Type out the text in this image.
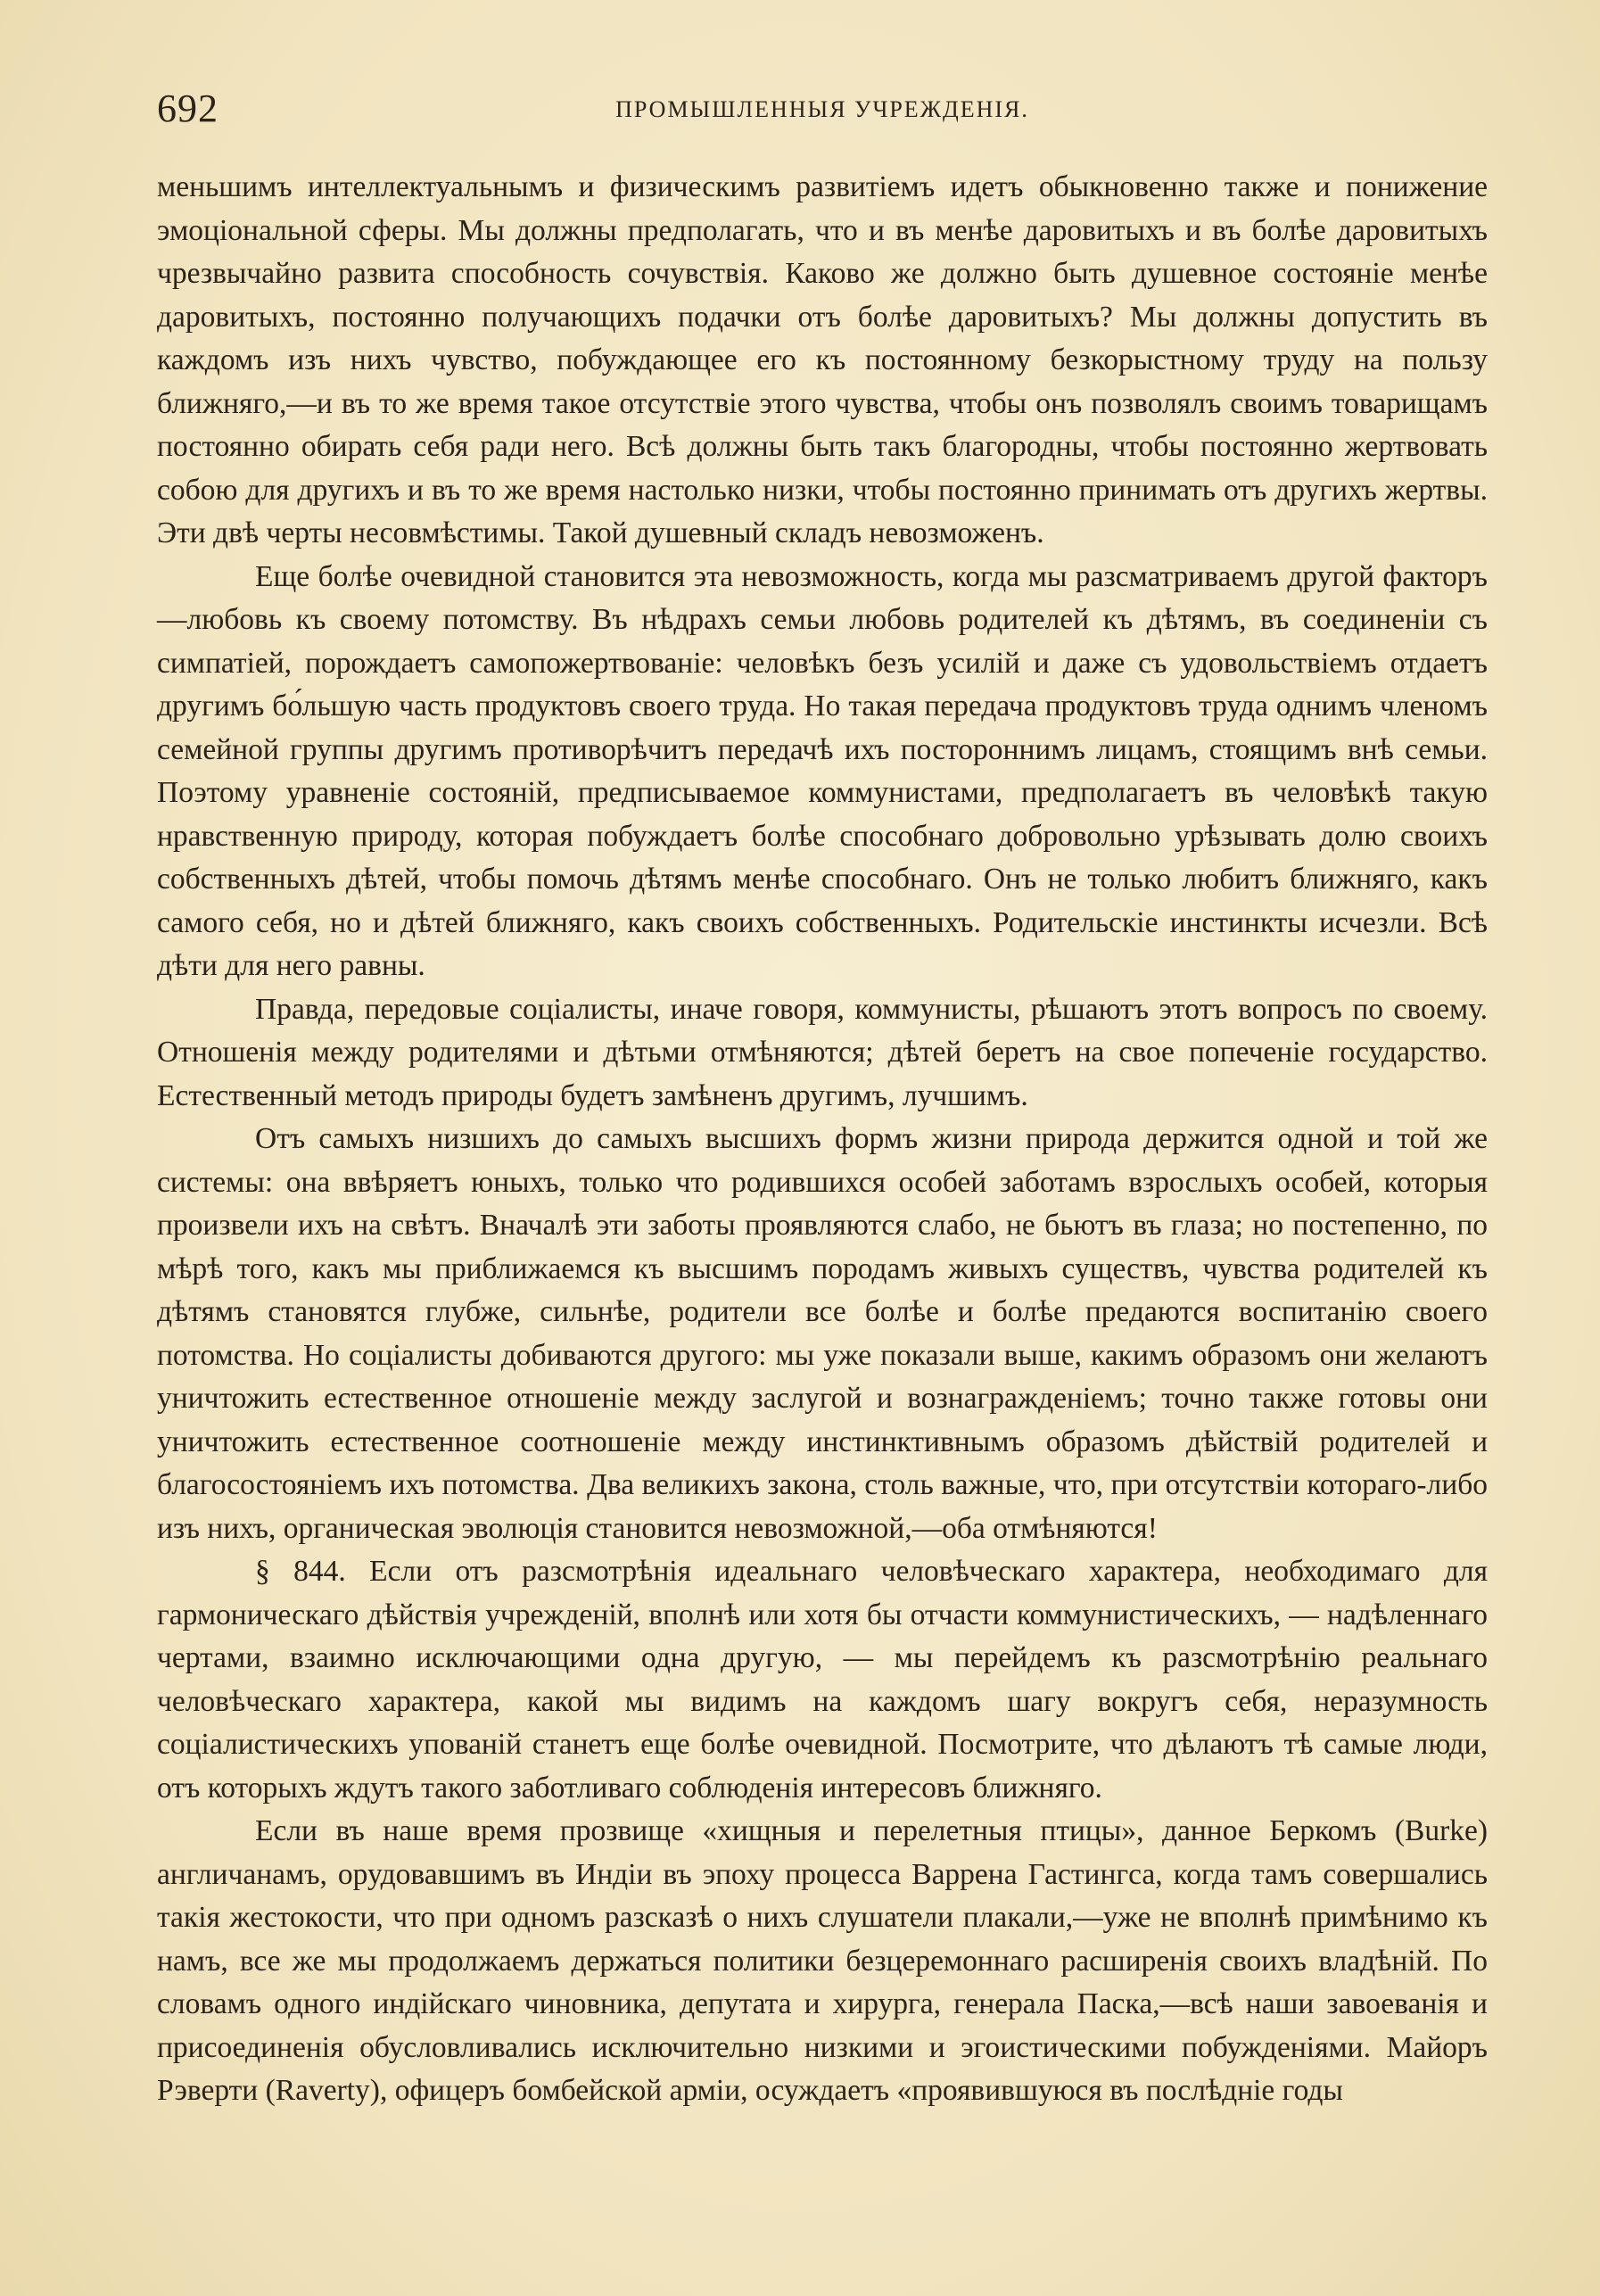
692	ПРОМЫШЛЕННЫЯ УЧРЕЖДЕНІЯ.

меньшимъ интеллектуальнымъ и физическимъ развитіемъ идетъ обыкновенно также и понижение эмоціональной сферы. Мы должны предполагать, что и въ менѣе даровитыхъ и въ болѣе даровитыхъ чрезвычайно развита способность сочувствія. Каково же должно быть душевное состояніе менѣе даровитыхъ, постоянно получающихъ подачки отъ болѣе даровитыхъ? Мы должны допустить въ каждомъ изъ нихъ чувство, побуждающее его къ постоянному безкорыстному труду на пользу ближняго,—и въ то же время такое отсутствіе этого чувства, чтобы онъ позволялъ своимъ товарищамъ постоянно обирать себя ради него. Всѣ должны быть такъ благородны, чтобы постоянно жертвовать собою для другихъ и въ то же время настолько низки, чтобы постоянно принимать отъ другихъ жертвы. Эти двѣ черты несовмѣстимы. Такой душевный складъ невозможенъ.

Еще болѣе очевидной становится эта невозможность, когда мы разсматриваемъ другой факторъ—любовь къ своему потомству. Въ нѣдрахъ семьи любовь родителей къ дѣтямъ, въ соединеніи съ симпатіей, порождаетъ самопожертвованіе: человѣкъ безъ усилій и даже съ удовольствіемъ отдаетъ другимъ бо́льшую часть продуктовъ своего труда. Но такая передача продуктовъ труда однимъ членомъ семейной группы другимъ противорѣчитъ передачѣ ихъ постороннимъ лицамъ, стоящимъ внѣ семьи. Поэтому уравненіе состояній, предписываемое коммунистами, предполагаетъ въ человѣкѣ такую нравственную природу, которая побуждаетъ болѣе способнаго добровольно урѣзывать долю своихъ собственныхъ дѣтей, чтобы помочь дѣтямъ менѣе способнаго. Онъ не только любитъ ближняго, какъ самого себя, но и дѣтей ближняго, какъ своихъ собственныхъ. Родительскіе инстинкты исчезли. Всѣ дѣти для него равны.

Правда, передовые соціалисты, иначе говоря, коммунисты, рѣшаютъ этотъ вопросъ по своему. Отношенія между родителями и дѣтьми отмѣняются; дѣтей беретъ на свое попеченіе государство. Естественный методъ природы будетъ замѣненъ другимъ, лучшимъ.

Отъ самыхъ низшихъ до самыхъ высшихъ формъ жизни природа держится одной и той же системы: она ввѣряетъ юныхъ, только что родившихся особей заботамъ взрослыхъ особей, которыя произвели ихъ на свѣтъ. Вначалѣ эти заботы проявляются слабо, не бьютъ въ глаза; но постепенно, по мѣрѣ того, какъ мы приближаемся къ высшимъ породамъ живыхъ существъ, чувства родителей къ дѣтямъ становятся глубже, сильнѣе, родители все болѣе и болѣе предаются воспитанію своего потомства. Но соціалисты добиваются другого: мы уже показали выше, какимъ образомъ они желаютъ уничтожить естественное отношеніе между заслугой и вознагражденіемъ; точно также готовы они уничтожить естественное соотношеніе между инстинктивнымъ образомъ дѣйствій родителей и благосостояніемъ ихъ потомства. Два великихъ закона, столь важные, что, при отсутствіи котораго-либо изъ нихъ, органическая эволюція становится невозможной,—оба отмѣняются!

§ 844. Если отъ разсмотрѣнія идеальнаго человѣческаго характера, необходимаго для гармоническаго дѣйствія учрежденій, вполнѣ или хотя бы отчасти коммунистическихъ, — надѣленнаго чертами, взаимно исключающими одна другую, — мы перейдемъ къ разсмотрѣнію реальнаго человѣческаго характера, какой мы видимъ на каждомъ шагу вокругъ себя, неразумность соціалистическихъ упованій станетъ еще болѣе очевидной. Посмотрите, что дѣлаютъ тѣ самые люди, отъ которыхъ ждутъ такого заботливаго соблюденія интересовъ ближняго.

Если въ наше время прозвище «хищныя и перелетныя птицы», данное Беркомъ (Burke) англичанамъ, орудовавшимъ въ Индіи въ эпоху процесса Варрена Гастингса, когда тамъ совершались такія жестокости, что при одномъ разсказѣ о нихъ слушатели плакали,—уже не вполнѣ примѣнимо къ намъ, все же мы продолжаемъ держаться политики безцеремоннаго расширенія своихъ владѣній. По словамъ одного индійскаго чиновника, депутата и хирурга, генерала Паска,—всѣ наши завоеванія и присоединенія обусловливались исключительно низкими и эгоистическими побужденіями. Майоръ Рэверти (Raverty), офицеръ бомбейской арміи, осуждаетъ «проявившуюся въ послѣдніе годы
